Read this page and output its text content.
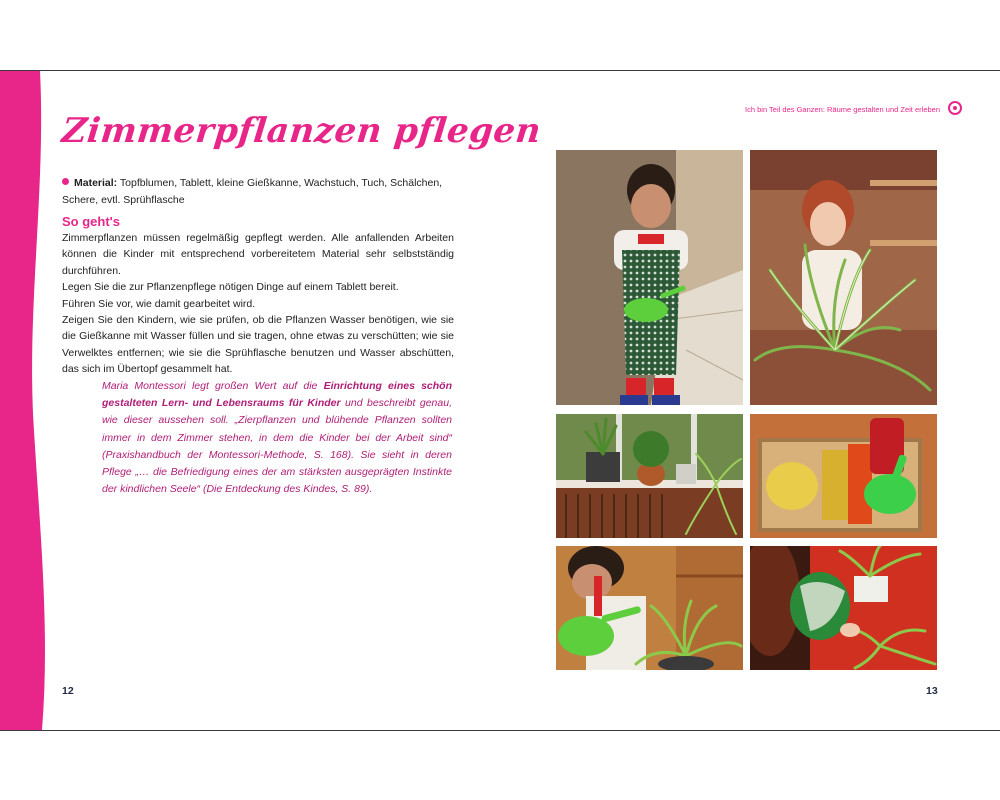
Zimmerpflanzen pflegen

Material: Topfblumen, Tablett, kleine Gießkanne, Wachstuch, Tuch, Schälchen, Schere, evtl. Sprühflasche

So geht's

Zimmerpflanzen müssen regelmäßig gepflegt werden. Alle anfallenden Arbeiten können die Kinder mit entsprechend vorbereitetem Material sehr selbstständig durchführen.

Legen Sie die zur Pflanzenpflege nötigen Dinge auf einem Tablett bereit.

Führen Sie vor, wie damit gearbeitet wird.

Zeigen Sie den Kindern, wie sie prüfen, ob die Pflanzen Wasser benötigen, wie sie die Gießkanne mit Wasser füllen und sie tragen, ohne etwas zu verschütten; wie sie Verwelktes entfernen; wie sie die Sprühflasche benutzen und Wasser abschütten, das sich im Übertopf gesammelt hat.

Maria Montessori legt großen Wert auf die Einrichtung eines schön gestalteten Lern- und Lebensraums für Kinder und beschreibt genau, wie dieser aussehen soll. „Zierpflanzen und blühende Pflanzen sollten immer in dem Zimmer stehen, in dem die Kinder bei der Arbeit sind“ (Praxishandbuch der Montessori-Methode, S. 168). Sie sieht in deren Pflege „… die Befriedigung eines der am stärksten ausgeprägten Instinkte der kindlichen Seele“ (Die Entdeckung des Kindes, S. 89).

12
Ich bin Teil des Ganzen: Räume gestalten und Zeit erleben
13
